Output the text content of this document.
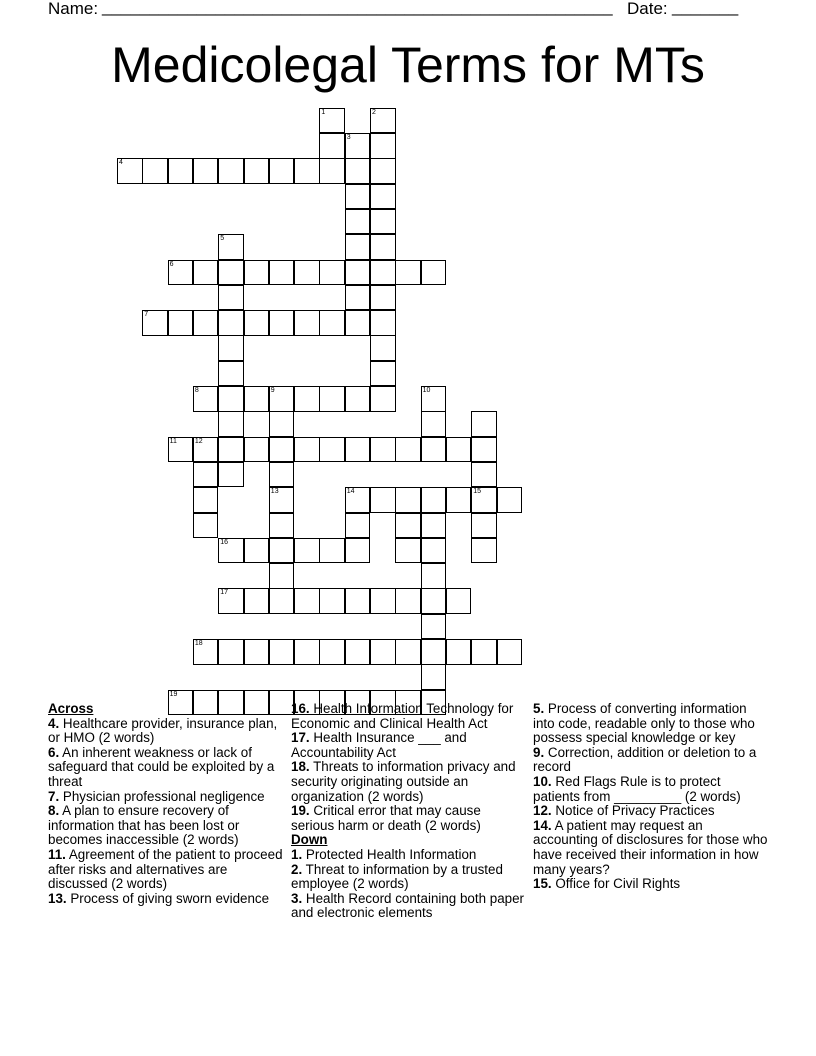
Name: ______________________________________________________ Date: _______
Medicolegal Terms for MTs
1	2
3
4
5
6
7
8	9	10
11	12
13	14	15
16
17
18
19

Across

4. Healthcare provider, insurance plan, or HMO (2 words)

6. An inherent weakness or lack of safeguard that could be exploited by a threat

7. Physician professional negligence

8. A plan to ensure recovery of information that has been lost or becomes inaccessible (2 words)

11. Agreement of the patient to proceed after risks and alternatives are discussed (2 words)

13. Process of giving sworn evidence

16. Health Information Technology for Economic and Clinical Health Act

17. Health Insurance ___ and Accountability Act

18. Threats to information privacy and security originating outside an organization (2 words)

19. Critical error that may cause serious harm or death (2 words)

Down

1. Protected Health Information

2. Threat to information by a trusted employee (2 words)

3. Health Record containing both paper and electronic elements

5. Process of converting information into code, readable only to those who possess special knowledge or key

9. Correction, addition or deletion to a record

10. Red Flags Rule is to protect patients from _________ (2 words)

12. Notice of Privacy Practices

14. A patient may request an accounting of disclosures for those who have received their information in how many years?

15. Office for Civil Rights
